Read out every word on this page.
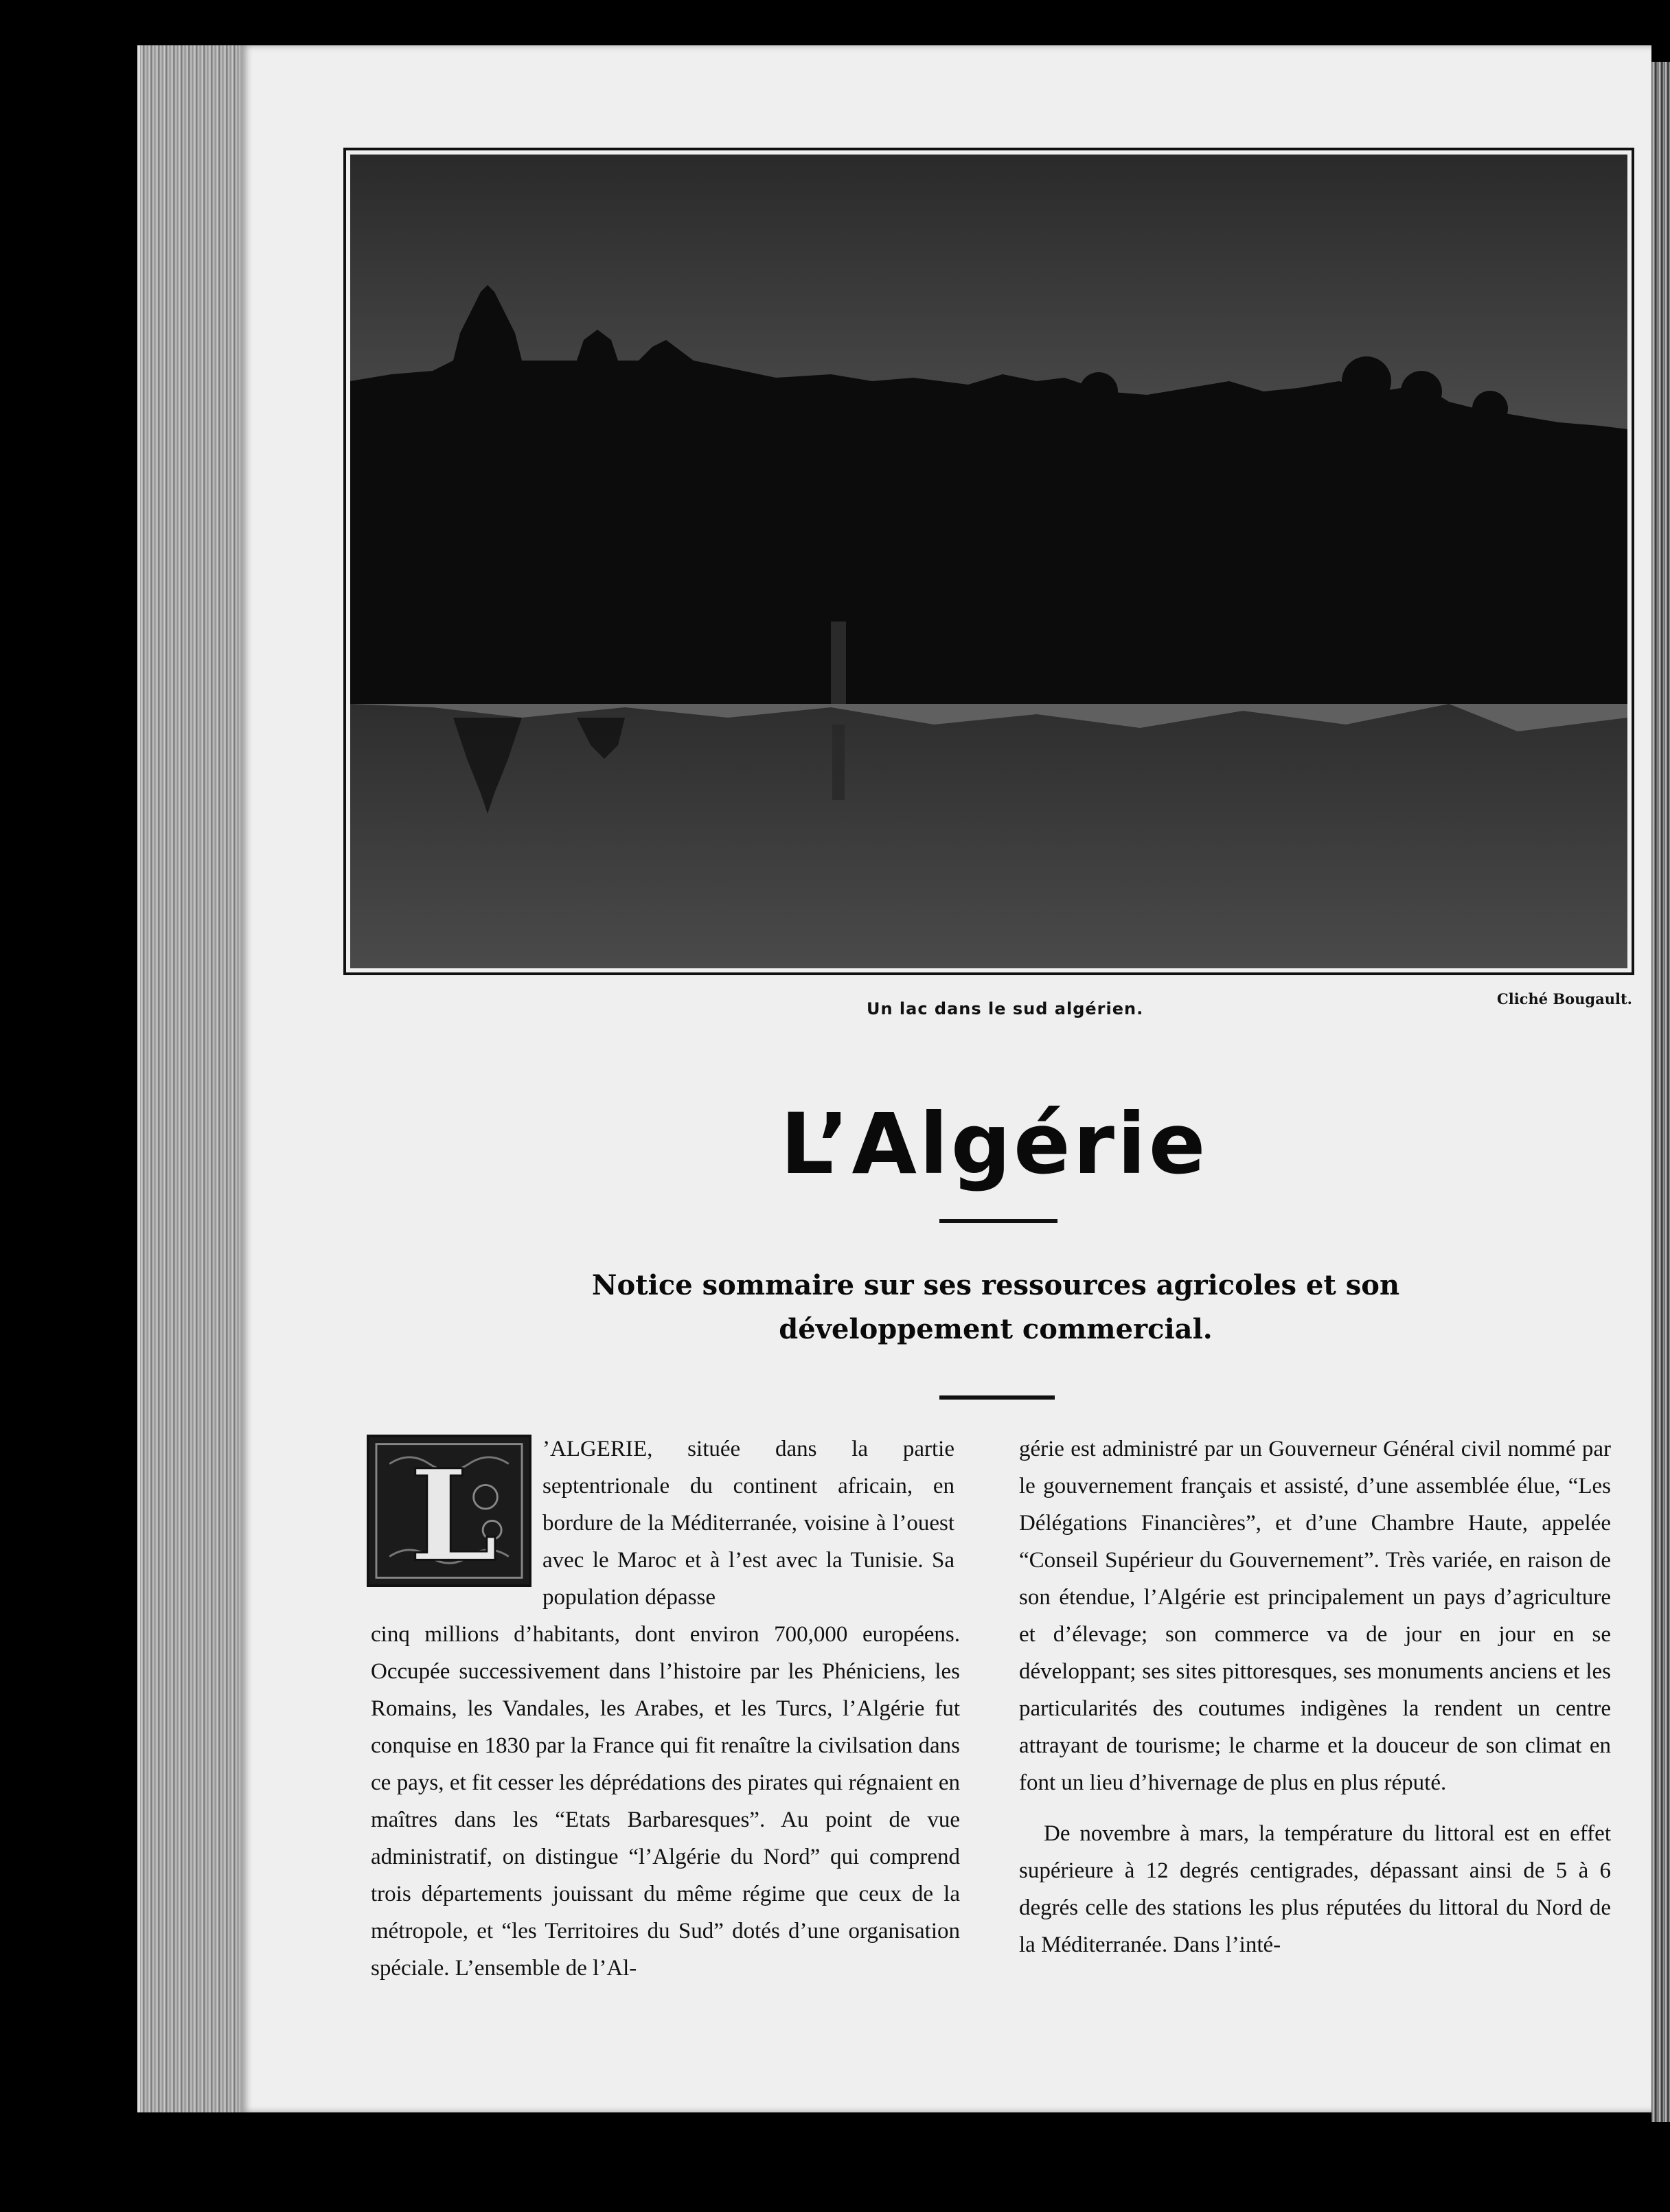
Un lac dans le sud algérien.
Cliché Bougault.
L’Algérie
Notice sommaire sur ses ressources agricoles et son
développement commercial.
L ’ALGERIE, située dans la partie septentrionale du continent africain, en bordure de la Méditerranée, voisine à l’ouest avec le Maroc et à l’est avec la Tunisie. Sa population dépasse

cinq millions d’habitants, dont environ 700,000 européens. Occupée successivement dans l’histoire par les Phéniciens, les Romains, les Vandales, les Arabes, et les Turcs, l’Algérie fut conquise en 1830 par la France qui fit renaître la civilsation dans ce pays, et fit cesser les déprédations des pirates qui régnaient en maîtres dans les “Etats Barbaresques”. Au point de vue administratif, on distingue “l’Algérie du Nord” qui comprend trois départements jouissant du même régime que ceux de la métropole, et “les Territoires du Sud” dotés d’une organisation spéciale. L’ensemble de l’Al-

gérie est administré par un Gouverneur Général civil nommé par le gouvernement français et assisté, d’une assemblée élue, “Les Délégations Financières”, et d’une Chambre Haute, appelée “Conseil Supérieur du Gouvernement”. Très variée, en raison de son étendue, l’Algérie est principalement un pays d’agriculture et d’élevage; son commerce va de jour en jour en se développant; ses sites pittoresques, ses monuments anciens et les particularités des coutumes indigènes la rendent un centre attrayant de tourisme; le charme et la douceur de son climat en font un lieu d’hivernage de plus en plus réputé.

De novembre à mars, la température du littoral est en effet supérieure à 12 degrés centigrades, dépassant ainsi de 5 à 6 degrés celle des stations les plus réputées du littoral du Nord de la Méditerranée. Dans l’inté-
